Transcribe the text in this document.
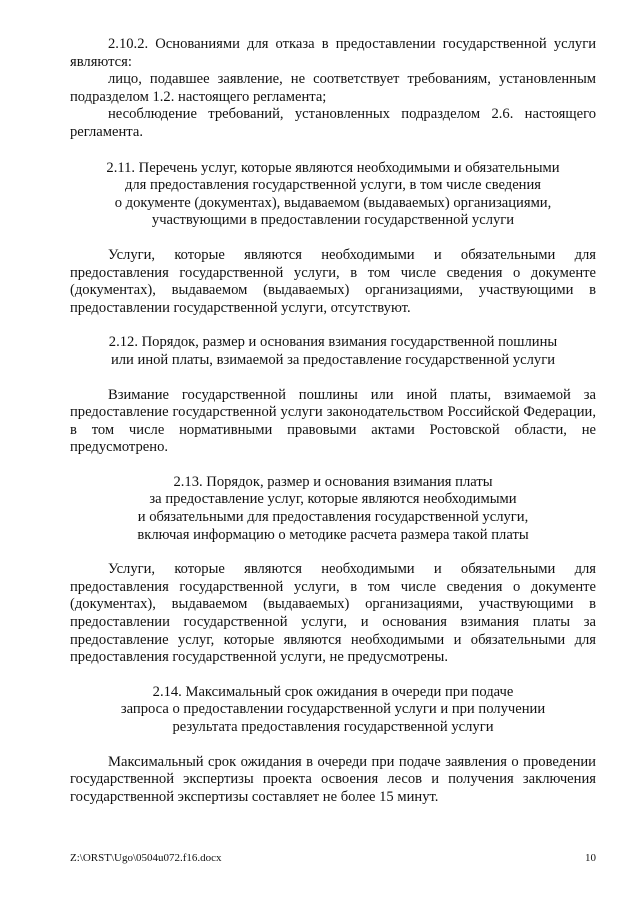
2.10.2. Основаниями для отказа в предоставлении государственной услуги являются:

лицо, подавшее заявление, не соответствует требованиям, установленным подразделом 1.2. настоящего регламента;

несоблюдение требований, установленных подразделом 2.6. настоящего регламента.

2.11. Перечень услуг, которые являются необходимыми и обязательными
для предоставления государственной услуги, в том числе сведения
о документе (документах), выдаваемом (выдаваемых) организациями,
участвующими в предоставлении государственной услуги

Услуги, которые являются необходимыми и обязательными для предоставления государственной услуги, в том числе сведения о документе (документах), выдаваемом (выдаваемых) организациями, участвующими в предоставлении государственной услуги, отсутствуют.

2.12. Порядок, размер и основания взимания государственной пошлины
или иной платы, взимаемой за предоставление государственной услуги

Взимание государственной пошлины или иной платы, взимаемой за предоставление государственной услуги законодательством Российской Федерации, в том числе нормативными правовыми актами Ростовской области, не предусмотрено.

2.13. Порядок, размер и основания взимания платы
за предоставление услуг, которые являются необходимыми
и обязательными для предоставления государственной услуги,
включая информацию о методике расчета размера такой платы

Услуги, которые являются необходимыми и обязательными для предоставления государственной услуги, в том числе сведения о документе (документах), выдаваемом (выдаваемых) организациями, участвующими в предоставлении государственной услуги, и основания взимания платы за предоставление услуг, которые являются необходимыми и обязательными для предоставления государственной услуги, не предусмотрены.

2.14. Максимальный срок ожидания в очереди при подаче
запроса о предоставлении государственной услуги и при получении
результата предоставления государственной услуги

Максимальный срок ожидания в очереди при подаче заявления о проведении государственной экспертизы проекта освоения лесов и получения заключения государственной экспертизы составляет не более 15 минут.

Z:\ORST\Ugo\0504u072.f16.docx	10
